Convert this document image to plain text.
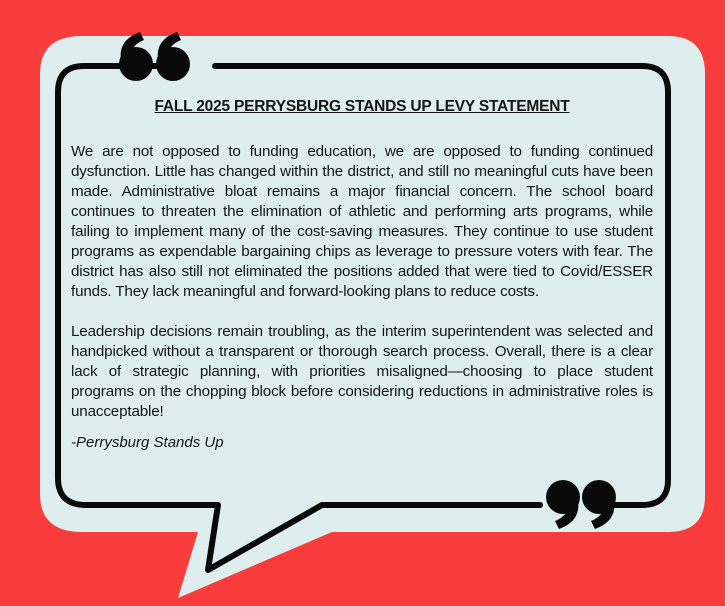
FALL 2025 PERRYSBURG STANDS UP LEVY STATEMENT

We are not opposed to funding education, we are opposed to funding continued dysfunction. Little has changed within the district, and still no meaningful cuts have been made. Administrative bloat remains a major financial concern. The school board continues to threaten the elimination of athletic and performing arts programs, while failing to implement many of the cost-saving measures. They continue to use student programs as expendable bargaining chips as leverage to pressure voters with fear. The district has also still not eliminated the positions added that were tied to Covid/ESSER funds. They lack meaningful and forward-looking plans to reduce costs.

Leadership decisions remain troubling, as the interim superintendent was selected and handpicked without a transparent or thorough search process. Overall, there is a clear lack of strategic planning, with priorities misaligned—choosing to place student programs on the chopping block before considering reductions in administrative roles is unacceptable!

-Perrysburg Stands Up
